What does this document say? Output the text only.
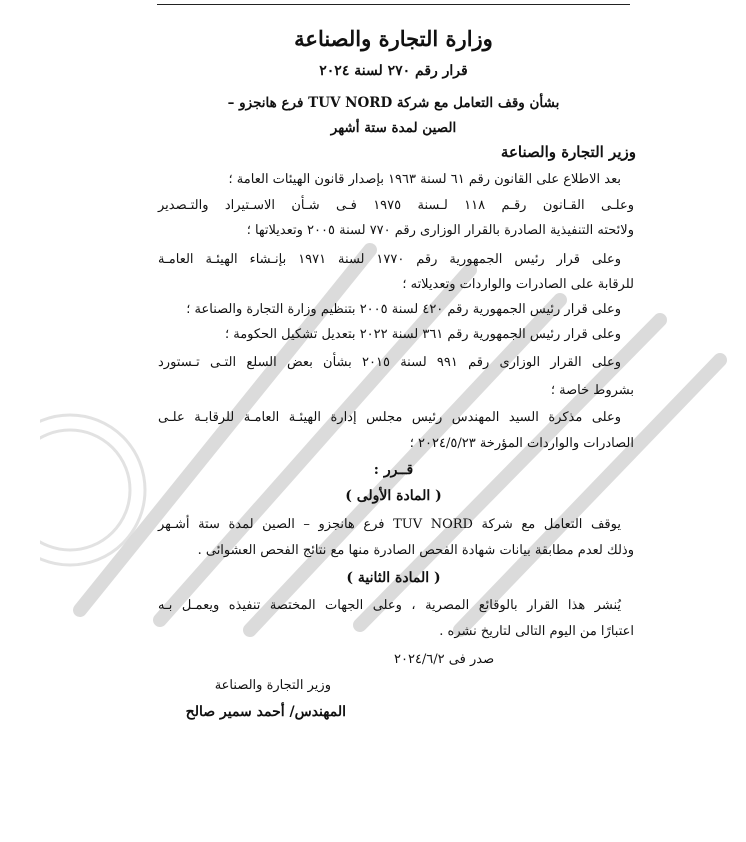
وزارة التجارة والصناعة

قرار رقم ٢٧٠ لسنة ٢٠٢٤

بشأن وقف التعامل مع شركة TUV NORD فرع هانجزو –

الصين لمدة ستة أشهر

وزير التجارة والصناعة

بعد الاطلاع على القانون رقم ٦١ لسنة ١٩٦٣ بإصدار قانون الهيئات العامة ؛

وعلـى القـانون رقـم ١١٨ لـسنة ١٩٧٥ فـى شـأن الاسـتيراد والتـصدير

ولائحته التنفيذية الصادرة بالقرار الوزارى رقم ٧٧٠ لسنة ٢٠٠٥ وتعديلاتها ؛

وعلى قرار رئيس الجمهورية رقم ١٧٧٠ لسنة ١٩٧١ بإنـشاء الهيئـة العامـة

للرقابة على الصادرات والواردات وتعديلاته ؛

وعلى قرار رئيس الجمهورية رقم ٤٢٠ لسنة ٢٠٠٥ بتنظيم وزارة التجارة والصناعة ؛

وعلى قرار رئيس الجمهورية رقم ٣٦١ لسنة ٢٠٢٢ بتعديل تشكيل الحكومة ؛

وعلى القرار الوزارى رقم ٩٩١ لسنة ٢٠١٥ بشأن بعض السلع التـى تـستورد

بشروط خاصة ؛

وعلى مذكرة السيد المهندس رئيس مجلس إدارة الهيئـة العامـة للرقابـة علـى

الصادرات والواردات المؤرخة ٢٠٢٤/٥/٢٣ ؛

قــرر :

( المادة الأولى )

يوقف التعامل مع شركة TUV NORD فرع هانجزو – الصين لمدة ستة أشـهر

وذلك لعدم مطابقة بيانات شهادة الفحص الصادرة منها مع نتائج الفحص العشوائى .

( المادة الثانية )

يُنشر هذا القرار بالوقائع المصرية ، وعلى الجهات المختصة تنفيذه ويعمـل بـه

اعتبارًا من اليوم التالى لتاريخ نشره .

صدر فى ٢٠٢٤/٦/٢

وزير التجارة والصناعة

المهندس/ أحمد سمير صالح
